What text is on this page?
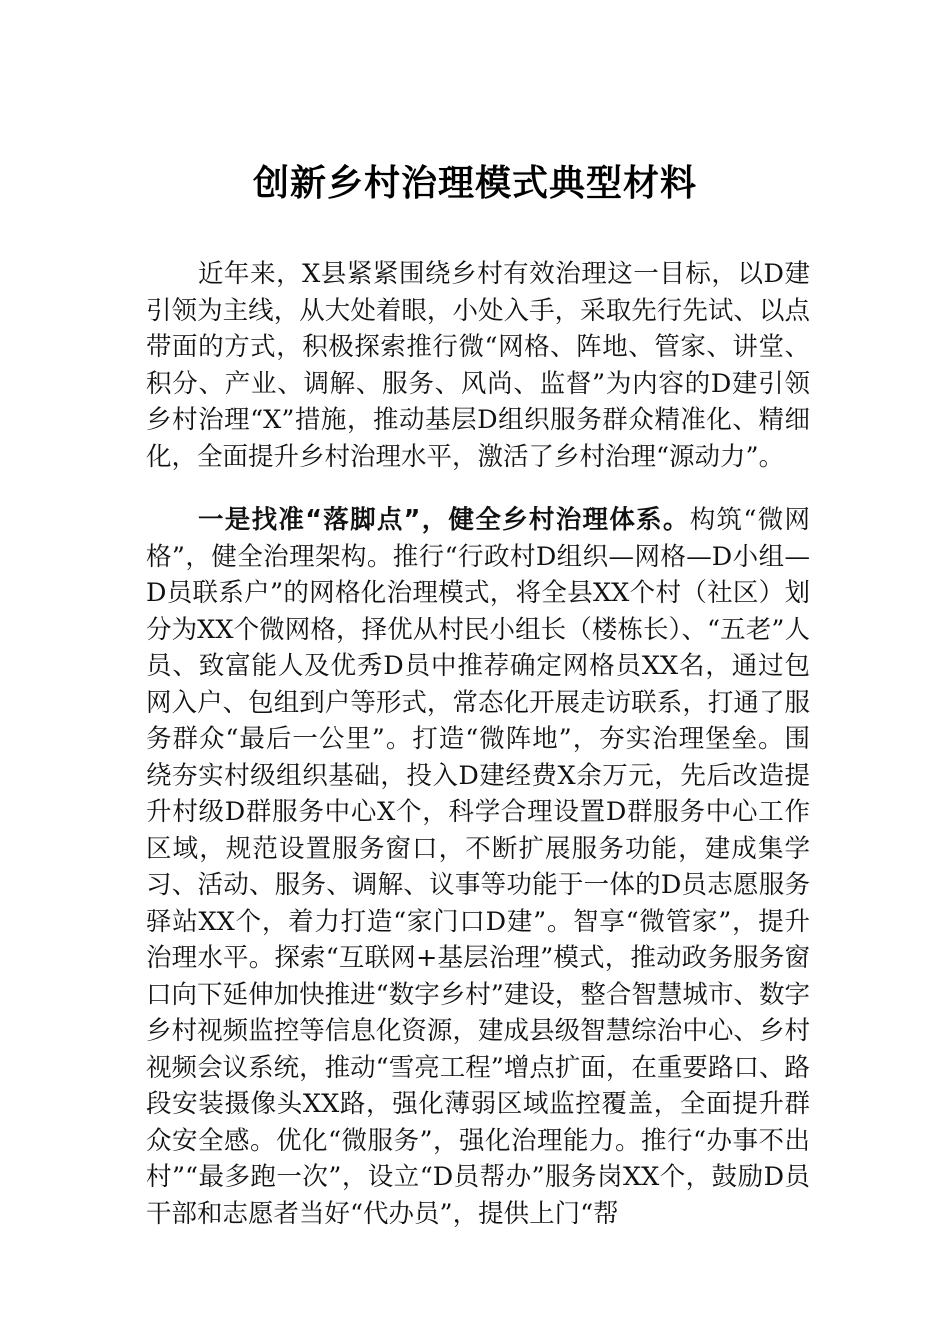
创新乡村治理模式典型材料

近年来，X县紧紧围绕乡村有效治理这一目标，以D建引领为主线，从大处着眼，小处入手，采取先行先试、以点带面的方式，积极探索推行微“网格、阵地、管家、讲堂、积分、产业、调解、服务、风尚、监督”为内容的D建引领乡村治理“X”措施，推动基层D组织服务群众精准化、精细化，全面提升乡村治理水平，激活了乡村治理“源动力”。

一是找准“落脚点”，健全乡村治理体系。构筑“微网格”，健全治理架构。推行“行政村D组织—网格—D小组—D员联系户”的网格化治理模式，将全县XX个村（社区）划分为XX个微网格，择优从村民小组长（楼栋长）、“五老”人员、致富能人及优秀D员中推荐确定网格员XX名，通过包网入户、包组到户等形式，常态化开展走访联系，打通了服务群众“最后一公里”。打造“微阵地”，夯实治理堡垒。围绕夯实村级组织基础，投入D建经费X余万元，先后改造提升村级D群服务中心X个，科学合理设置D群服务中心工作区域，规范设置服务窗口，不断扩展服务功能，建成集学习、活动、服务、调解、议事等功能于一体的D员志愿服务驿站XX个，着力打造“家门口D建”。智享“微管家”，提升治理水平。探索“互联网+基层治理”模式，推动政务服务窗口向下延伸加快推进“数字乡村”建设，整合智慧城市、数字乡村视频监控等信息化资源，建成县级智慧综治中心、乡村视频会议系统，推动“雪亮工程”增点扩面，在重要路口、路段安装摄像头XX路，强化薄弱区域监控覆盖，全面提升群众安全感。优化“微服务”，强化治理能力。推行“办事不出村”“最多跑一次”，设立“D员帮办”服务岗XX个，鼓励D员干部和志愿者当好“代办员”，提供上门“帮
